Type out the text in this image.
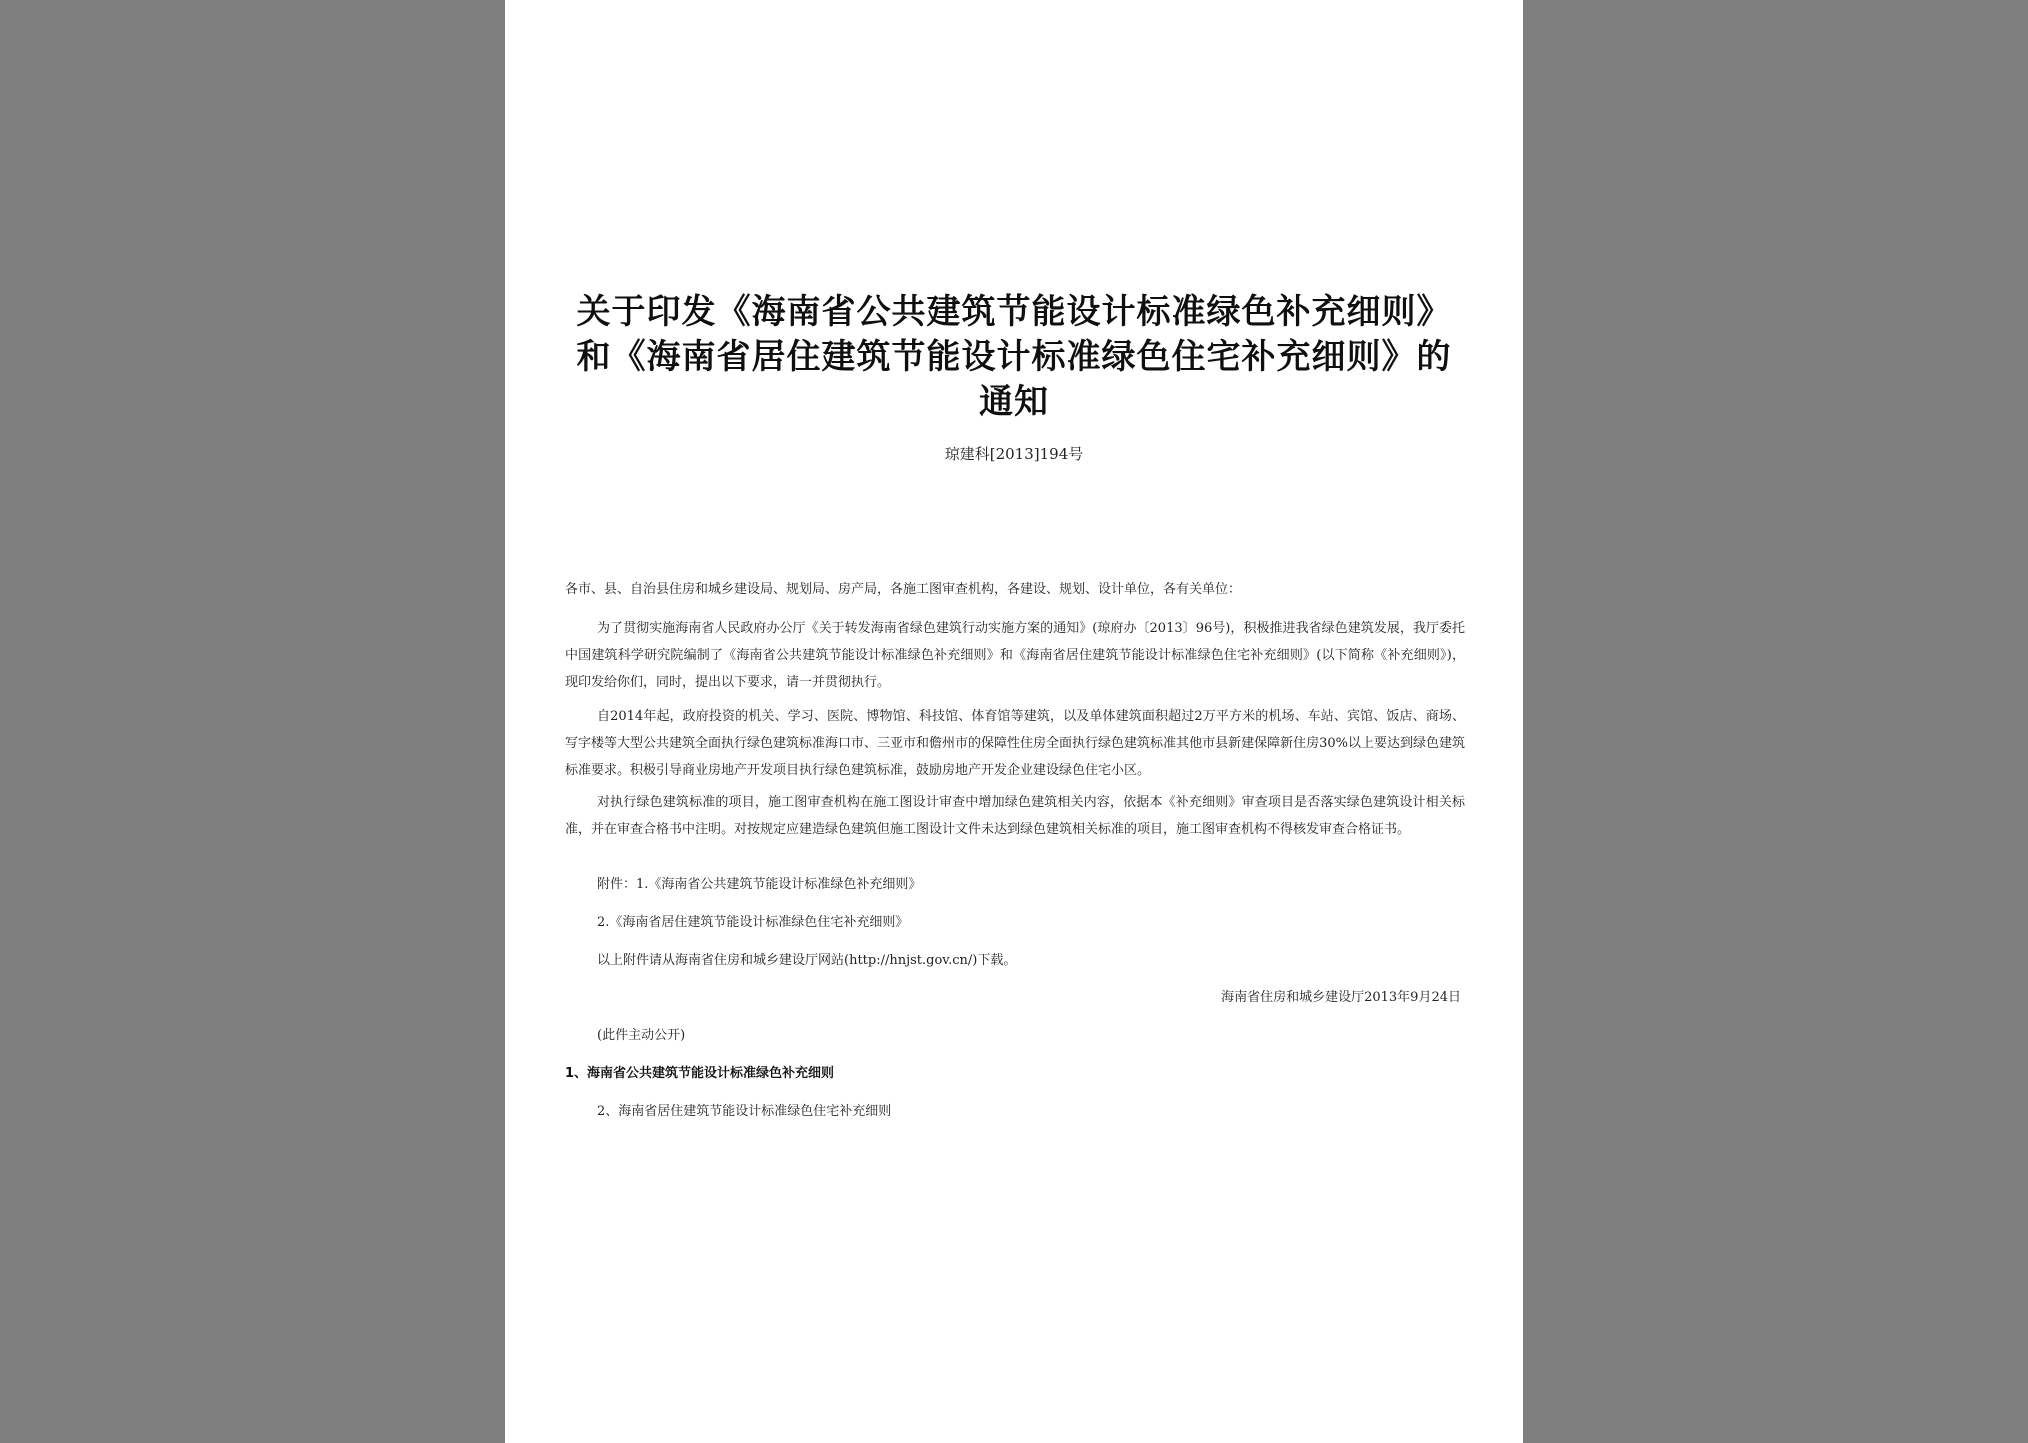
关于印发《海南省公共建筑节能设计标准绿色补充细则》和《海南省居住建筑节能设计标准绿色住宅补充细则》的通知
琼建科[2013]194号

各市、县、自治县住房和城乡建设局、规划局、房产局，各施工图审查机构，各建设、规划、设计单位，各有关单位：

为了贯彻实施海南省人民政府办公厅《关于转发海南省绿色建筑行动实施方案的通知》(琼府办〔2013〕96号)，积极推进我省绿色建筑发展，我厅委托中国建筑科学研究院编制了《海南省公共建筑节能设计标准绿色补充细则》和《海南省居住建筑节能设计标准绿色住宅补充细则》(以下简称《补充细则》)，现印发给你们，同时，提出以下要求，请一并贯彻执行。

自2014年起，政府投资的机关、学习、医院、博物馆、科技馆、体育馆等建筑，以及单体建筑面积超过2万平方米的机场、车站、宾馆、饭店、商场、写字楼等大型公共建筑全面执行绿色建筑标准海口市、三亚市和儋州市的保障性住房全面执行绿色建筑标准其他市县新建保障新住房30%以上要达到绿色建筑标准要求。积极引导商业房地产开发项目执行绿色建筑标准，鼓励房地产开发企业建设绿色住宅小区。

对执行绿色建筑标准的项目，施工图审查机构在施工图设计审查中增加绿色建筑相关内容，依据本《补充细则》审查项目是否落实绿色建筑设计相关标准，并在审查合格书中注明。对按规定应建造绿色建筑但施工图设计文件未达到绿色建筑相关标准的项目，施工图审查机构不得核发审查合格证书。

附件：1.《海南省公共建筑节能设计标准绿色补充细则》

2.《海南省居住建筑节能设计标准绿色住宅补充细则》

以上附件请从海南省住房和城乡建设厅网站(http://hnjst.gov.cn/)下载。

海南省住房和城乡建设厅2013年9月24日

(此件主动公开)

1、海南省公共建筑节能设计标准绿色补充细则

2、海南省居住建筑节能设计标准绿色住宅补充细则
